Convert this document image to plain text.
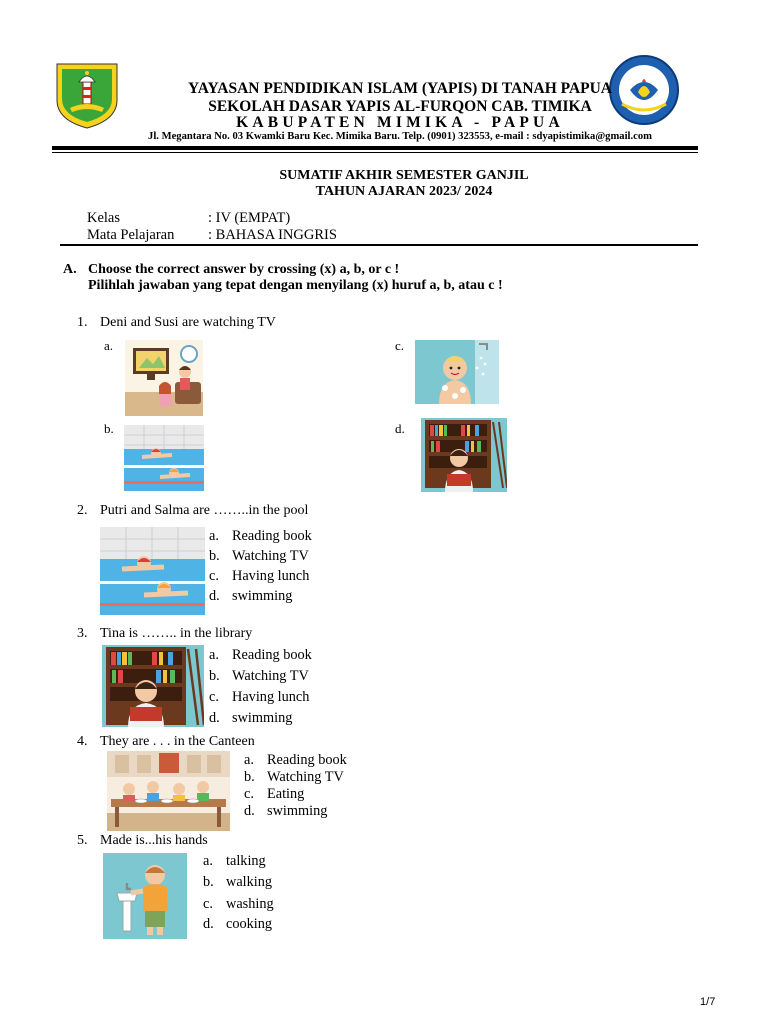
YAYASAN PENDIDIKAN ISLAM (YAPIS) DI TANAH PAPUA
SEKOLAH DASAR YAPIS AL-FURQON CAB. TIMIKA
KABUPATEN MIMIKA - PAPUA
Jl. Megantara No. 03 Kwamki Baru Kec. Mimika Baru. Telp. (0901) 323553, e-mail : sdyapistimika@gmail.com
SUMATIF AKHIR SEMESTER GANJIL
TAHUN AJARAN 2023/ 2024
Kelas	: IV (EMPAT)
Mata Pelajaran : BAHASA INGGRIS
A. Choose the correct answer by crossing (x) a, b, or c !
Pilihlah jawaban yang tepat dengan menyilang (x) huruf a, b, atau c !
1. Deni and Susi are watching TV
a.	c.
b.	d.
2. Putri and Salma are ……..in the pool
a. Reading book
b. Watching TV
c. Having lunch
d. swimming
3. Tina is …….. in the library
a. Reading book
b. Watching TV
c. Having lunch
d. swimming
4. They are . . . in the Canteen
a. Reading book
b. Watching TV
c. Eating
d. swimming
5. Made is...his hands
a. talking
b. walking
c. washing
d. cooking
1/7
